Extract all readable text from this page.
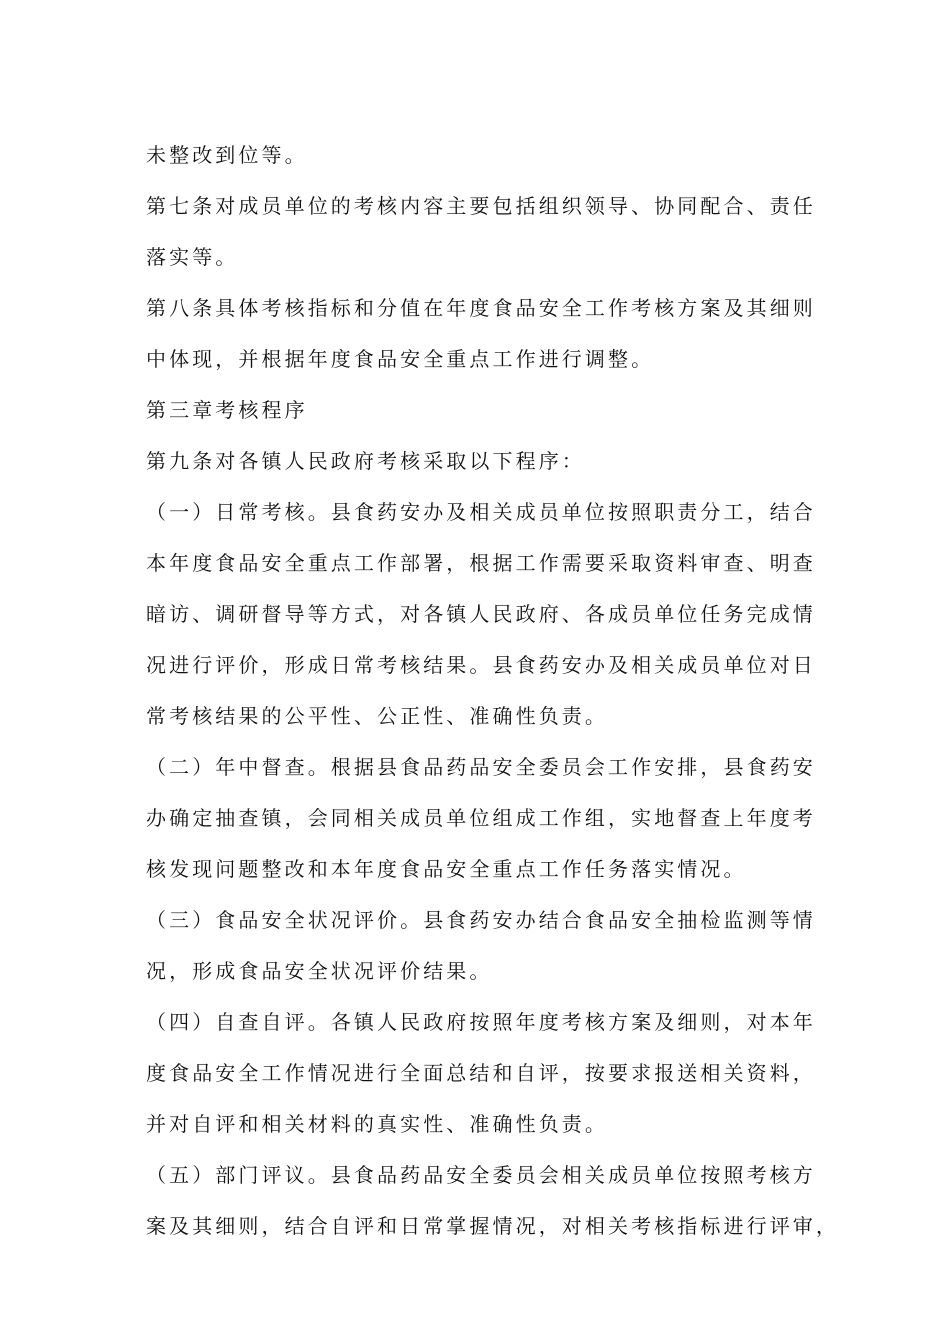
未整改到位等。
第七条对成员单位的考核内容主要包括组织领导、协同配合、责任
落实等。
第八条具体考核指标和分值在年度食品安全工作考核方案及其细则
中体现，并根据年度食品安全重点工作进行调整。
第三章考核程序
第九条对各镇人民政府考核采取以下程序：
（一）日常考核。县食药安办及相关成员单位按照职责分工，结合
本年度食品安全重点工作部署，根据工作需要采取资料审查、明查
暗访、调研督导等方式，对各镇人民政府、各成员单位任务完成情
况进行评价，形成日常考核结果。县食药安办及相关成员单位对日
常考核结果的公平性、公正性、准确性负责。
（二）年中督查。根据县食品药品安全委员会工作安排，县食药安
办确定抽查镇，会同相关成员单位组成工作组，实地督查上年度考
核发现问题整改和本年度食品安全重点工作任务落实情况。
（三）食品安全状况评价。县食药安办结合食品安全抽检监测等情
况，形成食品安全状况评价结果。
（四）自查自评。各镇人民政府按照年度考核方案及细则，对本年
度食品安全工作情况进行全面总结和自评，按要求报送相关资料，
并对自评和相关材料的真实性、准确性负责。
（五）部门评议。县食品药品安全委员会相关成员单位按照考核方
案及其细则，结合自评和日常掌握情况，对相关考核指标进行评审，
